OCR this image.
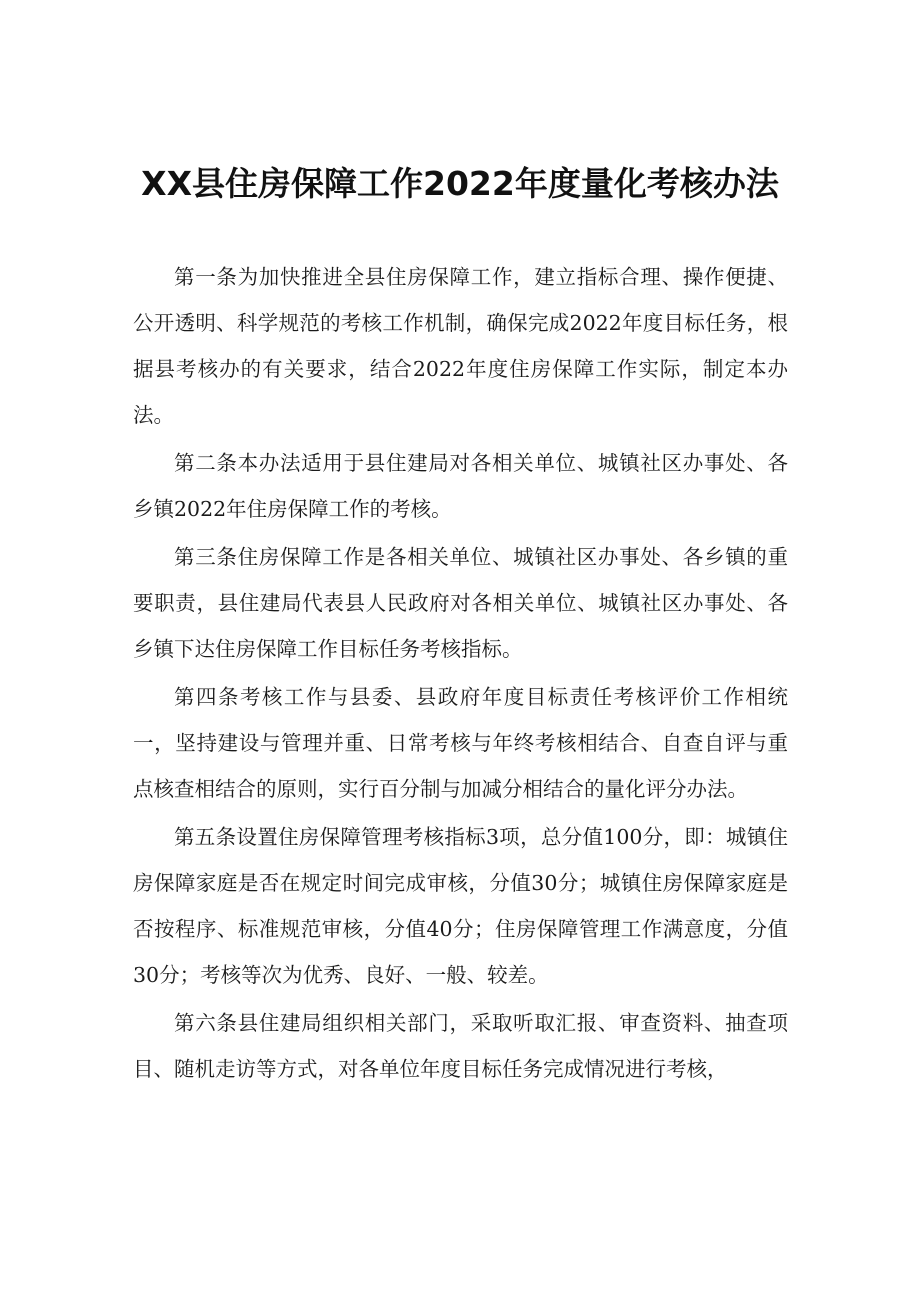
XX县住房保障工作2022年度量化考核办法

第一条为加快推进全县住房保障工作，建立指标合理、操作便捷、公开透明、科学规范的考核工作机制，确保完成2022年度目标任务，根据县考核办的有关要求，结合2022年度住房保障工作实际，制定本办法。

第二条本办法适用于县住建局对各相关单位、城镇社区办事处、各乡镇2022年住房保障工作的考核。

第三条住房保障工作是各相关单位、城镇社区办事处、各乡镇的重要职责，县住建局代表县人民政府对各相关单位、城镇社区办事处、各乡镇下达住房保障工作目标任务考核指标。

第四条考核工作与县委、县政府年度目标责任考核评价工作相统一，坚持建设与管理并重、日常考核与年终考核相结合、自查自评与重点核查相结合的原则，实行百分制与加减分相结合的量化评分办法。

第五条设置住房保障管理考核指标3项，总分值100分，即：城镇住房保障家庭是否在规定时间完成审核，分值30分；城镇住房保障家庭是否按程序、标准规范审核，分值40分；住房保障管理工作满意度，分值30分；考核等次为优秀、良好、一般、较差。

第六条县住建局组织相关部门，采取听取汇报、审查资料、抽查项目、随机走访等方式，对各单位年度目标任务完成情况进行考核，
